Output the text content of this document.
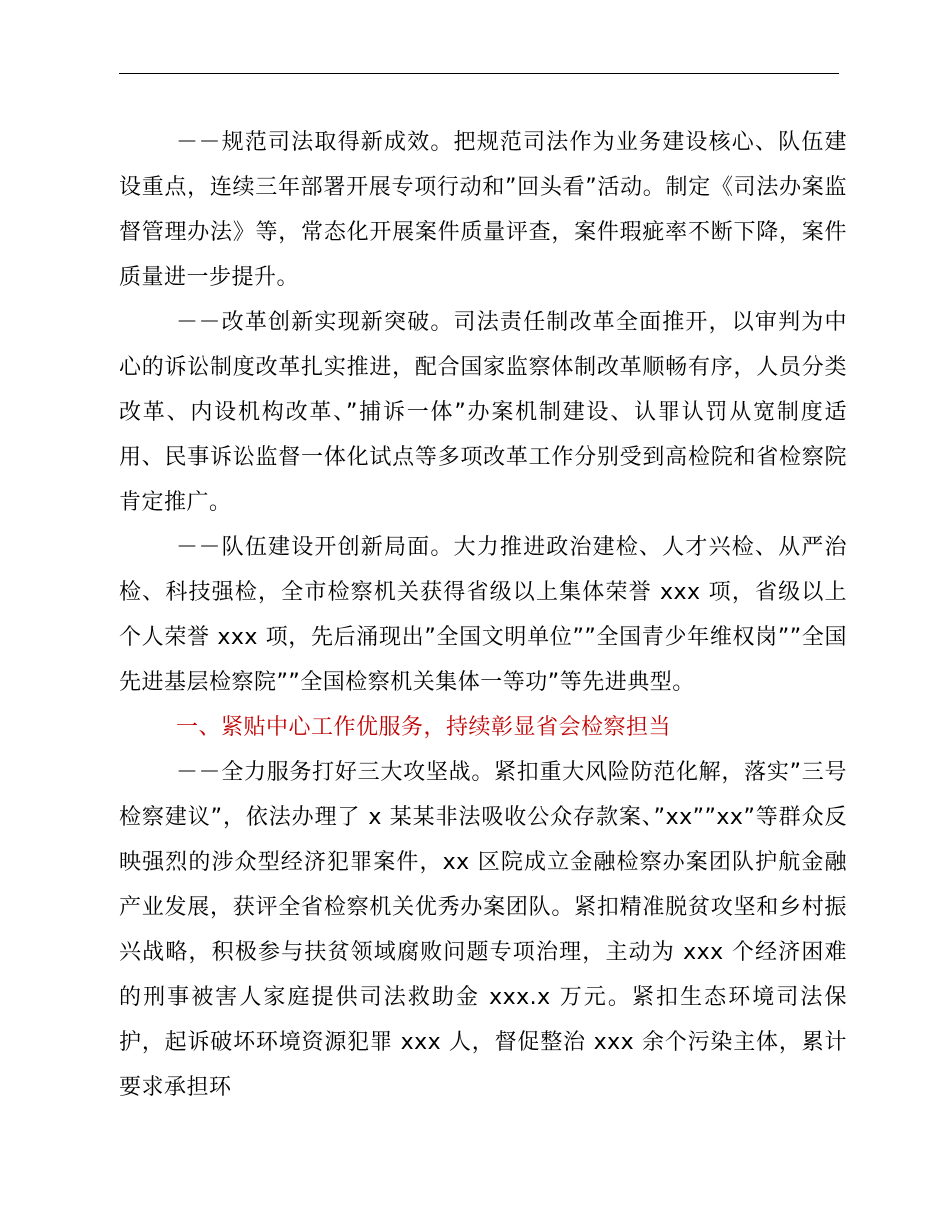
－－规范司法取得新成效。把规范司法作为业务建设核心、队伍建设重点，连续三年部署开展专项行动和”回头看”活动。制定《司法办案监督管理办法》等，常态化开展案件质量评查，案件瑕疵率不断下降，案件质量进一步提升。

－－改革创新实现新突破。司法责任制改革全面推开，以审判为中心的诉讼制度改革扎实推进，配合国家监察体制改革顺畅有序，人员分类改革、内设机构改革、”捕诉一体”办案机制建设、认罪认罚从宽制度适用、民事诉讼监督一体化试点等多项改革工作分别受到高检院和省检察院肯定推广。

－－队伍建设开创新局面。大力推进政治建检、人才兴检、从严治检、科技强检，全市检察机关获得省级以上集体荣誉 xxx 项，省级以上个人荣誉 xxx 项，先后涌现出”全国文明单位””全国青少年维权岗””全国先进基层检察院””全国检察机关集体一等功”等先进典型。

一、紧贴中心工作优服务，持续彰显省会检察担当

－－全力服务打好三大攻坚战。紧扣重大风险防范化解，落实”三号检察建议”，依法办理了 x 某某非法吸收公众存款案、”xx””xx”等群众反映强烈的涉众型经济犯罪案件，xx 区院成立金融检察办案团队护航金融产业发展，获评全省检察机关优秀办案团队。紧扣精准脱贫攻坚和乡村振兴战略，积极参与扶贫领域腐败问题专项治理，主动为 xxx 个经济困难的刑事被害人家庭提供司法救助金 xxx.x 万元。紧扣生态环境司法保护，起诉破坏环境资源犯罪 xxx 人，督促整治 xxx 余个污染主体，累计要求承担环
